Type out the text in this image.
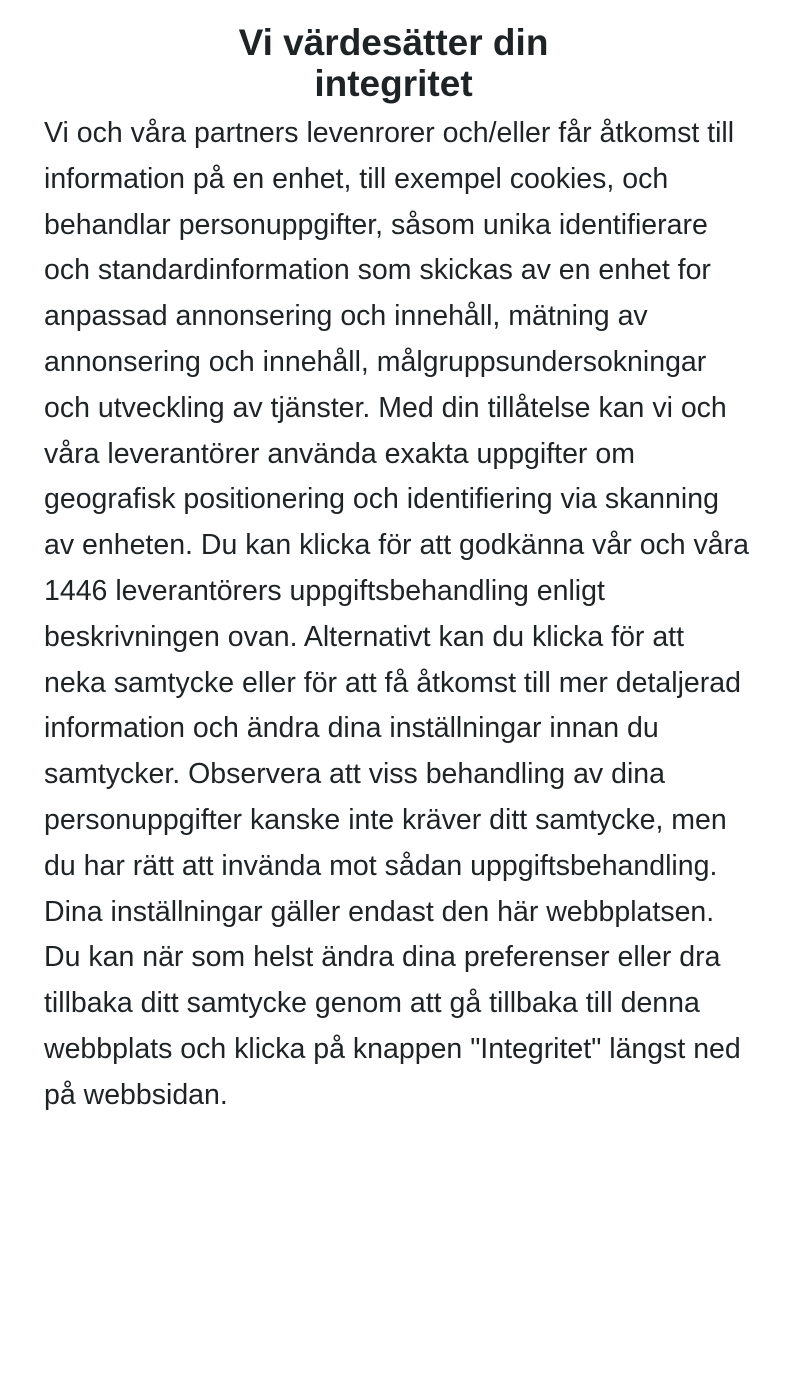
Vi värdesätter din integritet

Vi och våra partners levenrorer och/eller får åtkomst till information på en enhet, till exempel cookies, och behandlar personuppgifter, såsom unika identifierare och standardinformation som skickas av en enhet for anpassad annonsering och innehåll, mätning av annonsering och innehåll, målgruppsundersokningar och utveckling av tjänster. Med din tillåtelse kan vi och våra leverantörer använda exakta uppgifter om geografisk positionering och identifiering via skanning av enheten. Du kan klicka för att godkänna vår och våra 1446 leverantörers uppgiftsbehandling enligt beskrivningen ovan. Alternativt kan du klicka för att neka samtycke eller för att få åtkomst till mer detaljerad information och ändra dina inställningar innan du samtycker. Observera att viss behandling av dina personuppgifter kanske inte kräver ditt samtycke, men du har rätt att invända mot sådan uppgiftsbehandling. Dina inställningar gäller endast den här webbplatsen. Du kan när som helst ändra dina preferenser eller dra tillbaka ditt samtycke genom att gå tillbaka till denna webbplats och klicka på knappen "Integritet" längst ned på webbsidan.
